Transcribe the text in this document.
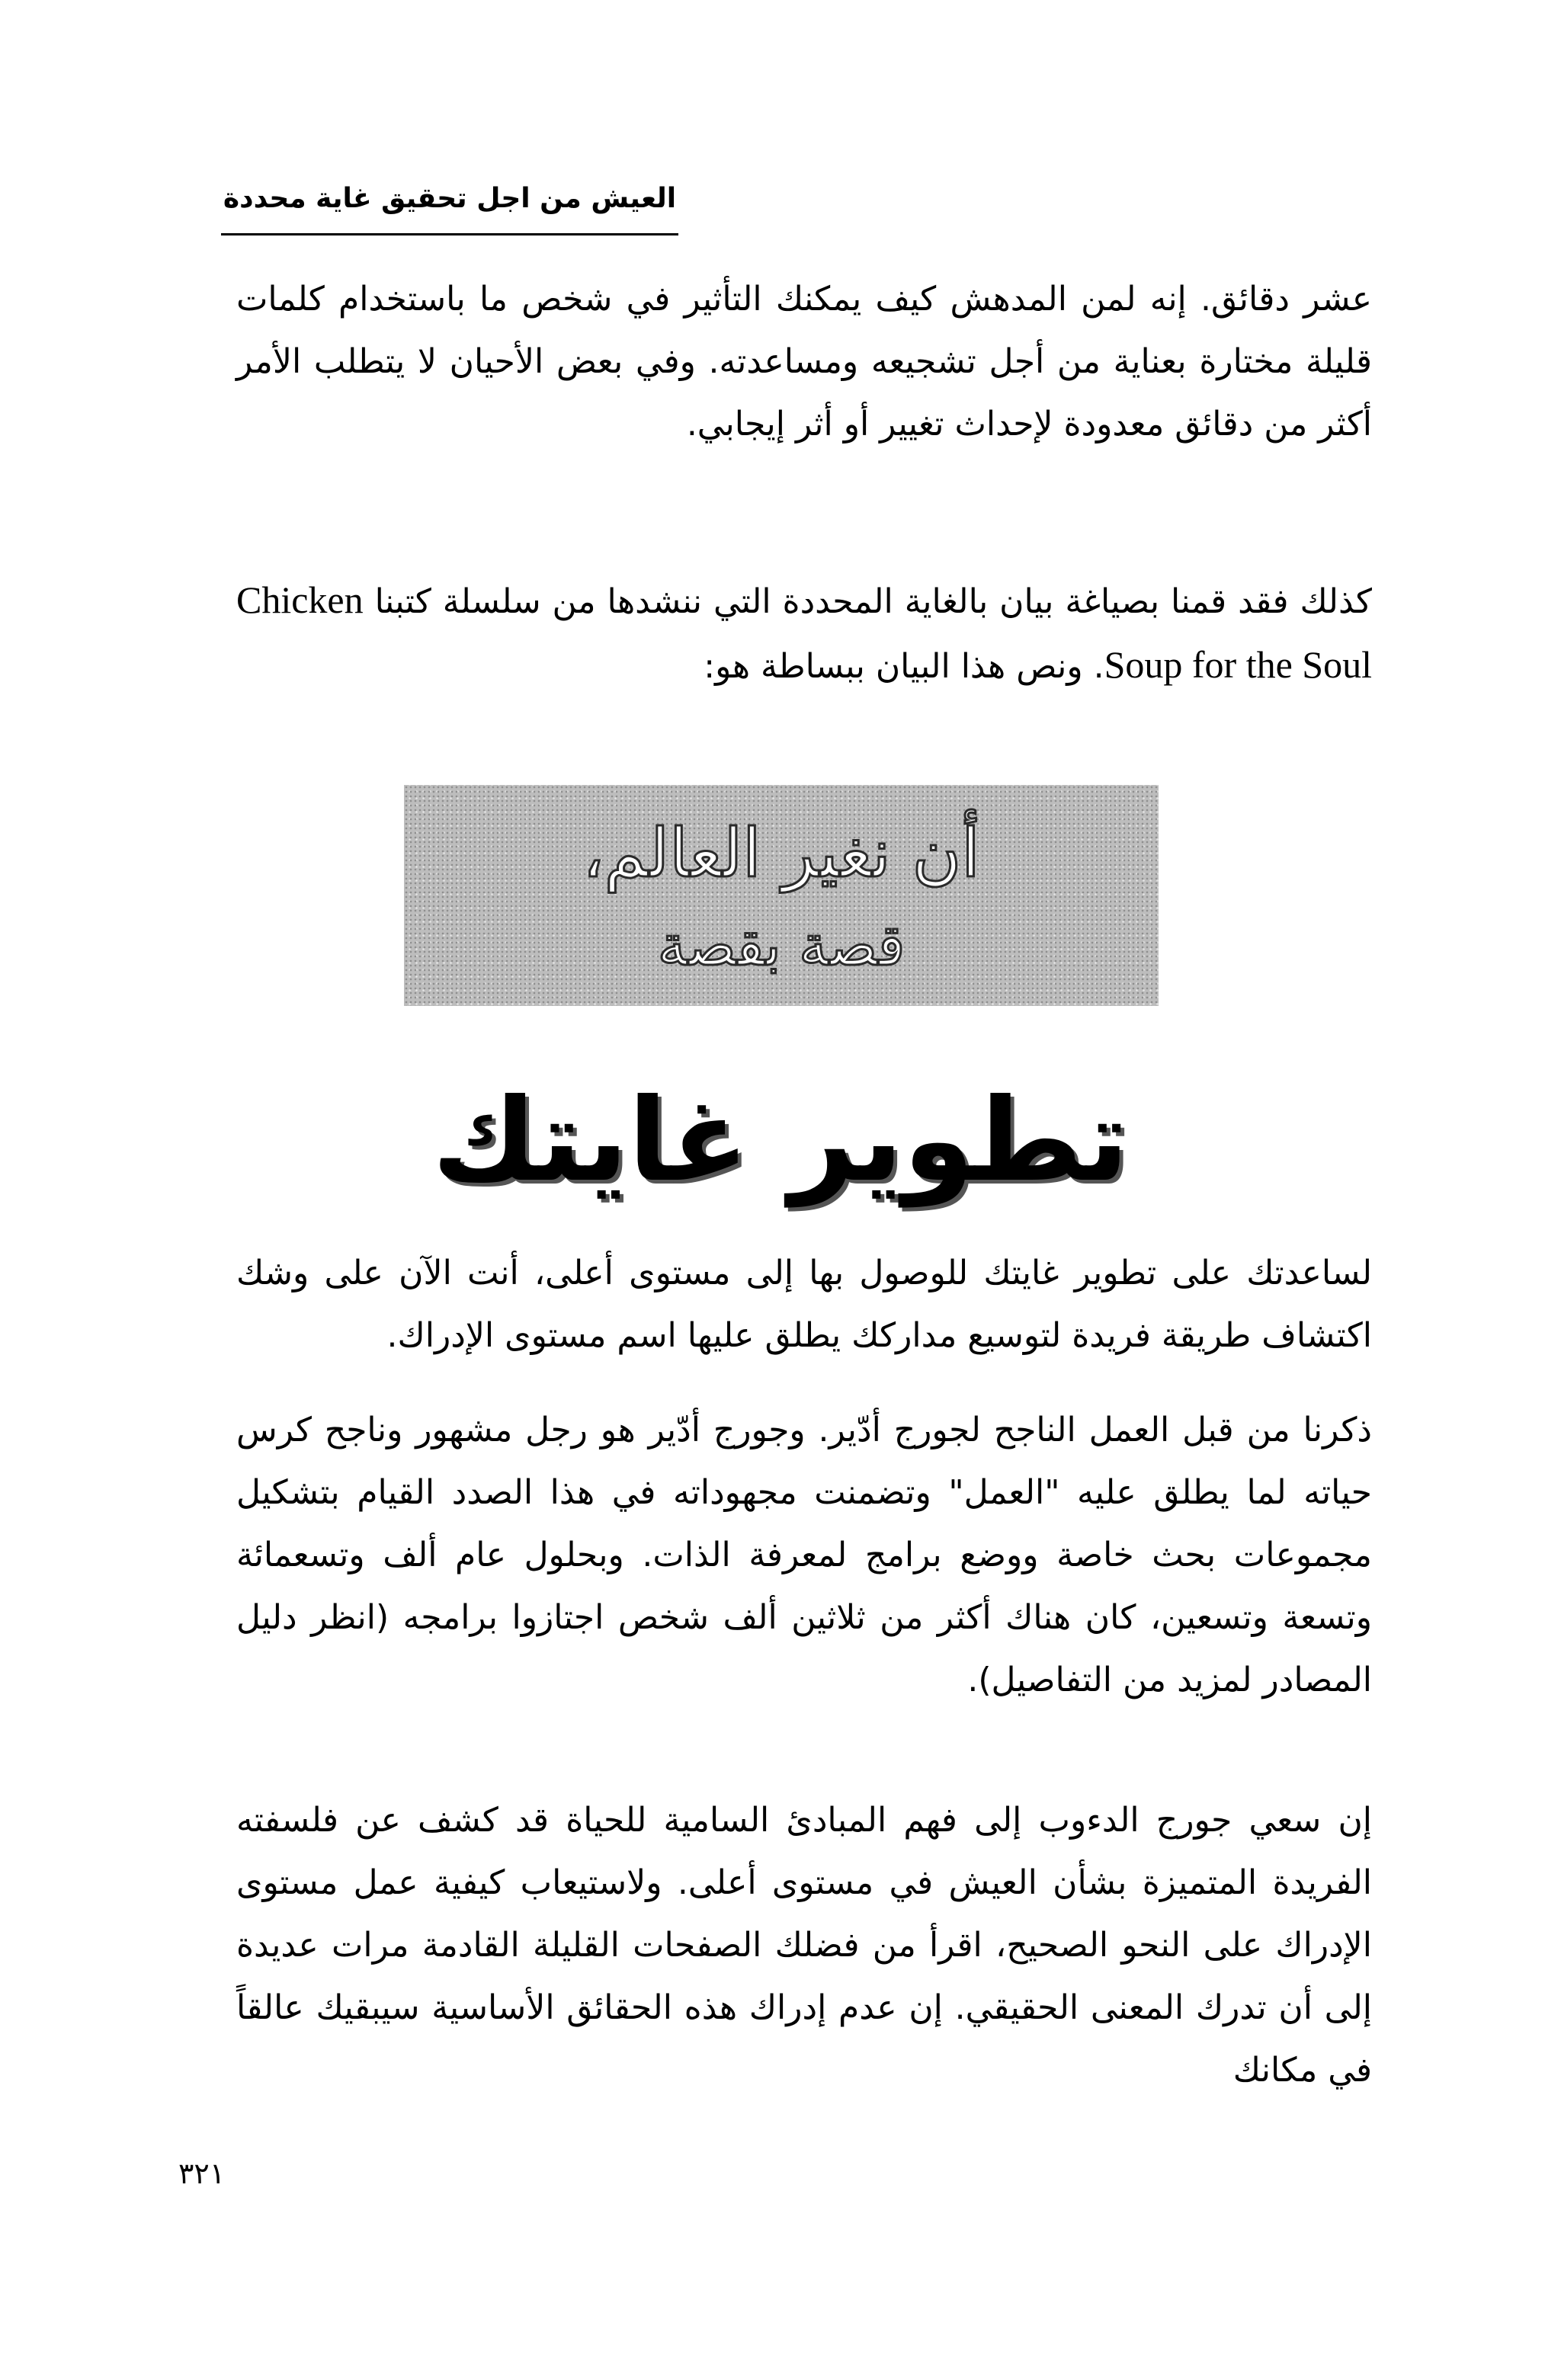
العيش من اجل تحقيق غاية محددة

عشر دقائق. إنه لمن المدهش كيف يمكنك التأثير في شخص ما باستخدام كلمات قليلة مختارة بعناية من أجل تشجيعه ومساعدته. وفي بعض الأحيان لا يتطلب الأمر أكثر من دقائق معدودة لإحداث تغيير أو أثر إيجابي.

كذلك فقد قمنا بصياغة بيان بالغاية المحددة التي ننشدها من سلسلة كتبنا Chicken Soup for the Soul. ونص هذا البيان ببساطة هو:

أن نغير العالم،
قصة بقصة
تطوير غايتك

لساعدتك على تطوير غايتك للوصول بها إلى مستوى أعلى، أنت الآن على وشك اكتشاف طريقة فريدة لتوسيع مداركك يطلق عليها اسم مستوى الإدراك.

ذكرنا من قبل العمل الناجح لجورج أدّير. وجورج أدّير هو رجل مشهور وناجح كرس حياته لما يطلق عليه "العمل" وتضمنت مجهوداته في هذا الصدد القيام بتشكيل مجموعات بحث خاصة ووضع برامج لمعرفة الذات. وبحلول عام ألف وتسعمائة وتسعة وتسعين، كان هناك أكثر من ثلاثين ألف شخص اجتازوا برامجه (انظر دليل المصادر لمزيد من التفاصيل).

إن سعي جورج الدءوب إلى فهم المبادئ السامية للحياة قد كشف عن فلسفته الفريدة المتميزة بشأن العيش في مستوى أعلى. ولاستيعاب كيفية عمل مستوى الإدراك على النحو الصحيح، اقرأ من فضلك الصفحات القليلة القادمة مرات عديدة إلى أن تدرك المعنى الحقيقي. إن عدم إدراك هذه الحقائق الأساسية سيبقيك عالقاً في مكانك

٣٢١
